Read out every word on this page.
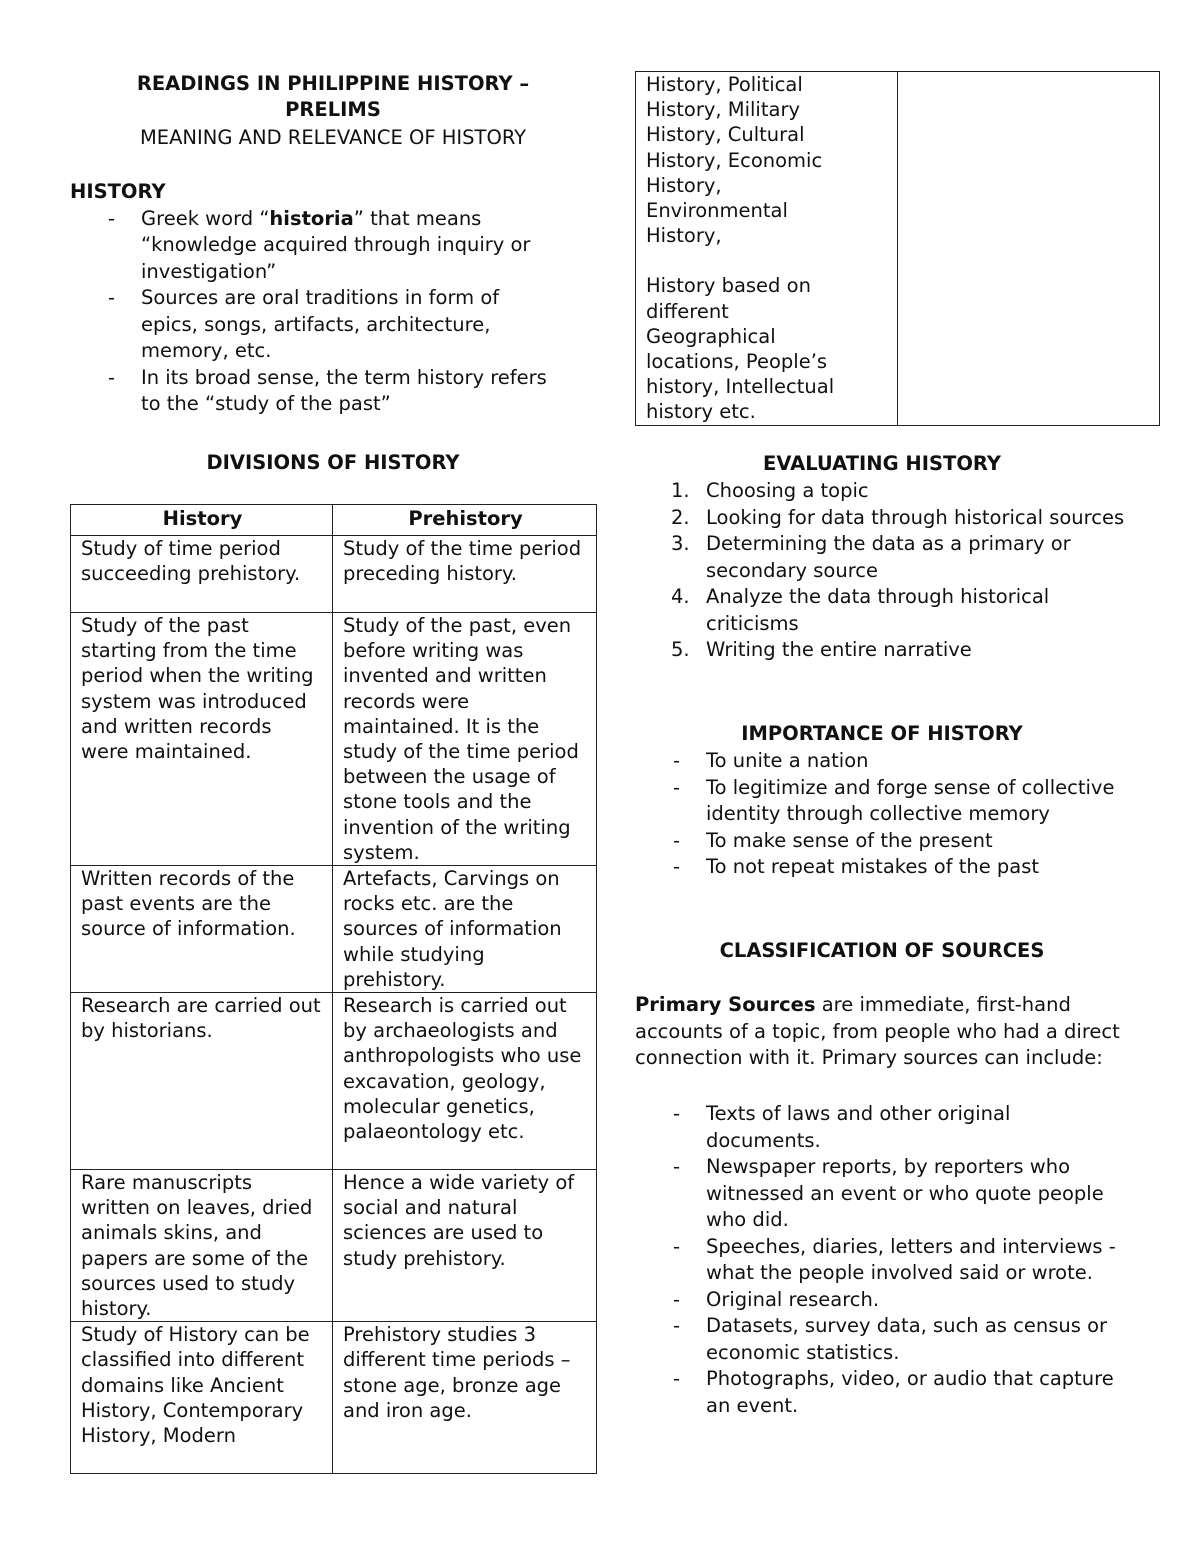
READINGS IN PHILIPPINE HISTORY –
PRELIMS
MEANING AND RELEVANCE OF HISTORY
HISTORY
- Greek word “historia” that means “knowledge acquired through inquiry or investigation”
- Sources are oral traditions in form of epics, songs, artifacts, architecture, memory, etc.
- In its broad sense, the term history refers to the “study of the past”
DIVISIONS OF HISTORY
History	Prehistory
Study of time period succeeding prehistory.	Study of the time period preceding history.
Study of the past starting from the time period when the writing system was introduced and written records were maintained.	Study of the past, even before writing was invented and written records were maintained. It is the study of the time period between the usage of stone tools and the invention of the writing system.
Written records of the past events are the source of information.	Artefacts, Carvings on rocks etc. are the sources of information while studying prehistory.
Research are carried out by historians.	Research is carried out by archaeologists and anthropologists who use excavation, geology, molecular genetics, palaeontology etc.
Rare manuscripts written on leaves, dried animals skins, and papers are some of the sources used to study history.	Hence a wide variety of social and natural sciences are used to study prehistory.
Study of History can be classified into different domains like Ancient History, Contemporary History, Modern	Prehistory studies 3 different time periods – stone age, bronze age and iron age.
History, Political
History, Military
History, Cultural
History, Economic
History,
Environmental
History,
History based on
different
Geographical
locations, People’s
history, Intellectual
history etc.

EVALUATING HISTORY
1. Choosing a topic
2. Looking for data through historical sources
3. Determining the data as a primary or secondary source
4. Analyze the data through historical criticisms
5. Writing the entire narrative
IMPORTANCE OF HISTORY
- To unite a nation
- To legitimize and forge sense of collective identity through collective memory
- To make sense of the present
- To not repeat mistakes of the past
CLASSIFICATION OF SOURCES
Primary Sources are immediate, first-hand accounts of a topic, from people who had a direct connection with it. Primary sources can include:
- Texts of laws and other original documents.
- Newspaper reports, by reporters who witnessed an event or who quote people who did.
- Speeches, diaries, letters and interviews - what the people involved said or wrote.
- Original research.
- Datasets, survey data, such as census or economic statistics.
- Photographs, video, or audio that capture an event.
